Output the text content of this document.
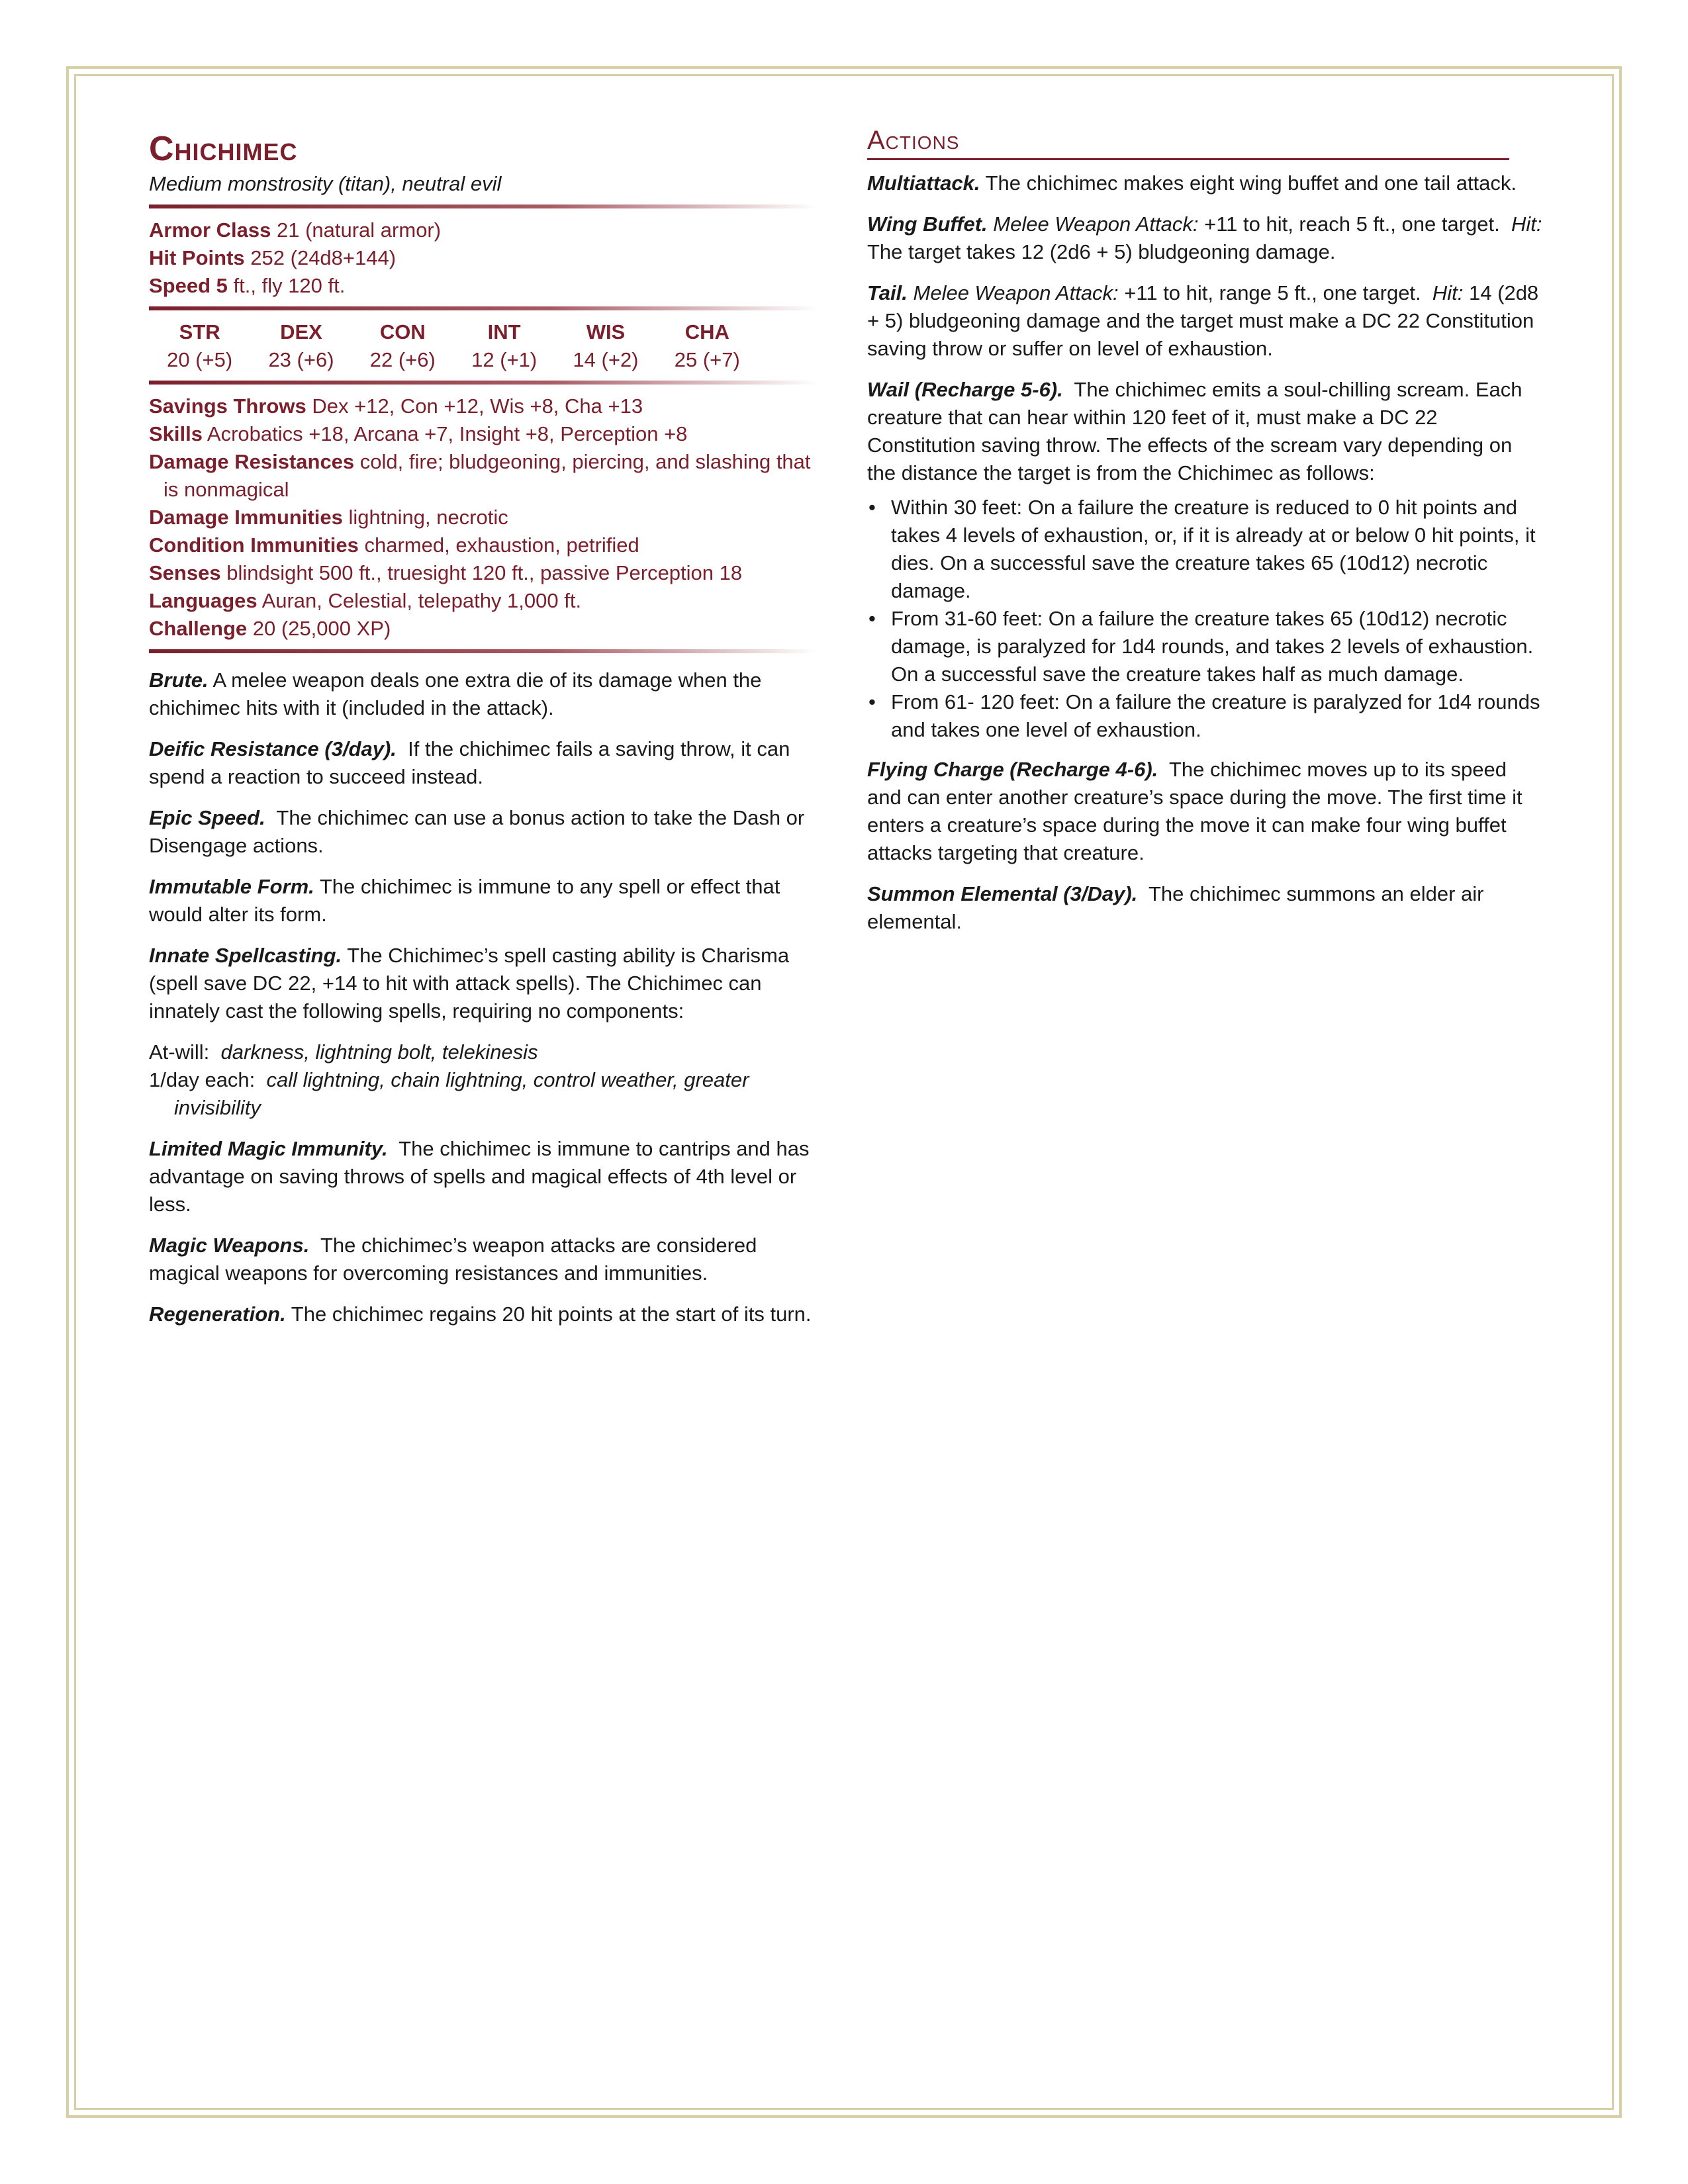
Chichimec
Medium monstrosity (titan), neutral evil

Armor Class 21 (natural armor)

Hit Points 252 (24d8+144)

Speed 5 ft., fly 120 ft.

STR
20 (+5)
DEX
23 (+6)
CON
22 (+6)
INT
12 (+1)
WIS
14 (+2)
CHA
25 (+7)

Savings Throws Dex +12, Con +12, Wis +8, Cha +13

Skills Acrobatics +18, Arcana +7, Insight +8, Perception +8

Damage Resistances cold, fire; bludgeoning, piercing, and slashing that is nonmagical

Damage Immunities lightning, necrotic

Condition Immunities charmed, exhaustion, petrified

Senses blindsight 500 ft., truesight 120 ft., passive Perception 18

Languages Auran, Celestial, telepathy 1,000 ft.

Challenge 20 (25,000 XP)

Brute. A melee weapon deals one extra die of its damage when the chichimec hits with it (included in the attack).

Deific Resistance (3/day). If the chichimec fails a saving throw, it can spend a reaction to succeed instead.

Epic Speed. The chichimec can use a bonus action to take the Dash or Disengage actions.

Immutable Form. The chichimec is immune to any spell or effect that would alter its form.

Innate Spellcasting. The Chichimec’s spell casting ability is Charisma (spell save DC 22, +14 to hit with attack spells). The Chichimec can innately cast the following spells, requiring no components:

At-will: darkness, lightning bolt, telekinesis

1/day each: call lightning, chain lightning, control weather, greater invisibility

Limited Magic Immunity. The chichimec is immune to cantrips and has advantage on saving throws of spells and magical effects of 4th level or less.

Magic Weapons. The chichimec’s weapon attacks are considered magical weapons for overcoming resistances and immunities.

Regeneration. The chichimec regains 20 hit points at the start of its turn.

Actions

Multiattack. The chichimec makes eight wing buffet and one tail attack.

Wing Buffet. Melee Weapon Attack: +11 to hit, reach 5 ft., one target. Hit: The target takes 12 (2d6 + 5) bludgeoning damage.

Tail. Melee Weapon Attack: +11 to hit, range 5 ft., one target. Hit: 14 (2d8 + 5) bludgeoning damage and the target must make a DC 22 Constitution saving throw or suffer on level of exhaustion.

Wail (Recharge 5-6). The chichimec emits a soul-chilling scream. Each creature that can hear within 120 feet of it, must make a DC 22 Constitution saving throw. The effects of the scream vary depending on the distance the target is from the Chichimec as follows:

• Within 30 feet: On a failure the creature is reduced to 0 hit points and takes 4 levels of exhaustion, or, if it is already at or below 0 hit points, it dies. On a successful save the creature takes 65 (10d12) necrotic damage.
• From 31-60 feet: On a failure the creature takes 65 (10d12) necrotic damage, is paralyzed for 1d4 rounds, and takes 2 levels of exhaustion. On a successful save the creature takes half as much damage.
• From 61- 120 feet: On a failure the creature is paralyzed for 1d4 rounds and takes one level of exhaustion.

Flying Charge (Recharge 4-6). The chichimec moves up to its speed and can enter another creature’s space during the move. The first time it enters a creature’s space during the move it can make four wing buffet attacks targeting that creature.

Summon Elemental (3/Day). The chichimec summons an elder air elemental.
